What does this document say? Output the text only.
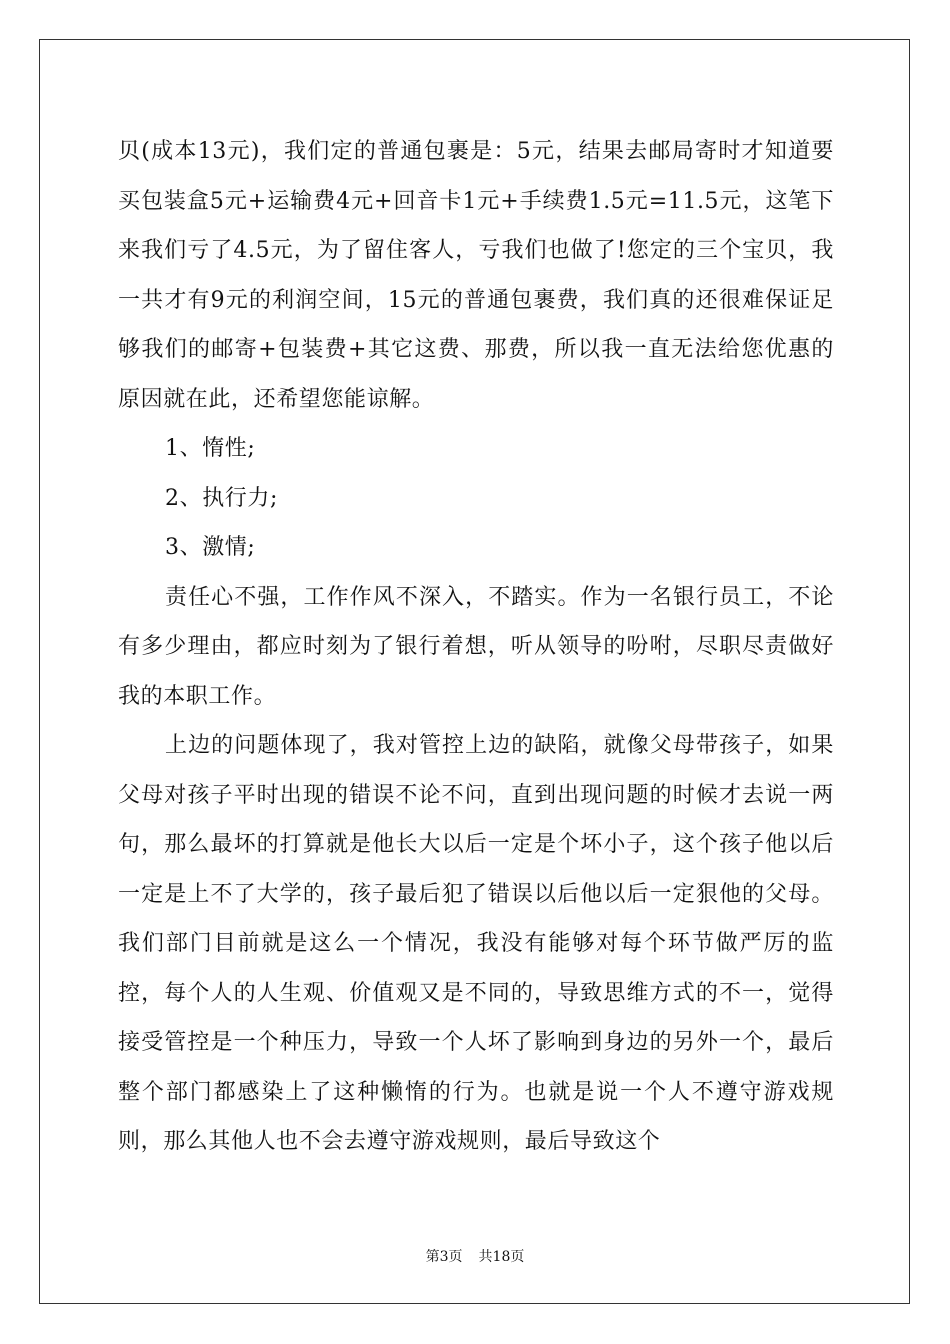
贝(成本13元)，我们定的普通包裹是：5元，结果去邮局寄时才知道要买包装盒5元+运输费4元+回音卡1元+手续费1.5元=11.5元，这笔下来我们亏了4.5元，为了留住客人，亏我们也做了!您定的三个宝贝，我一共才有9元的利润空间，15元的普通包裹费，我们真的还很难保证足够我们的邮寄+包装费+其它这费、那费，所以我一直无法给您优惠的原因就在此，还希望您能谅解。

1、惰性;

2、执行力;

3、激情;

责任心不强，工作作风不深入，不踏实。作为一名银行员工，不论有多少理由，都应时刻为了银行着想，听从领导的吩咐，尽职尽责做好我的本职工作。

上边的问题体现了，我对管控上边的缺陷，就像父母带孩子，如果父母对孩子平时出现的错误不论不问，直到出现问题的时候才去说一两句，那么最坏的打算就是他长大以后一定是个坏小子，这个孩子他以后一定是上不了大学的，孩子最后犯了错误以后他以后一定狠他的父母。我们部门目前就是这么一个情况，我没有能够对每个环节做严厉的监控，每个人的人生观、价值观又是不同的，导致思维方式的不一，觉得接受管控是一个种压力，导致一个人坏了影响到身边的另外一个，最后整个部门都感染上了这种懒惰的行为。也就是说一个人不遵守游戏规则，那么其他人也不会去遵守游戏规则，最后导致这个

第3页 共18页
